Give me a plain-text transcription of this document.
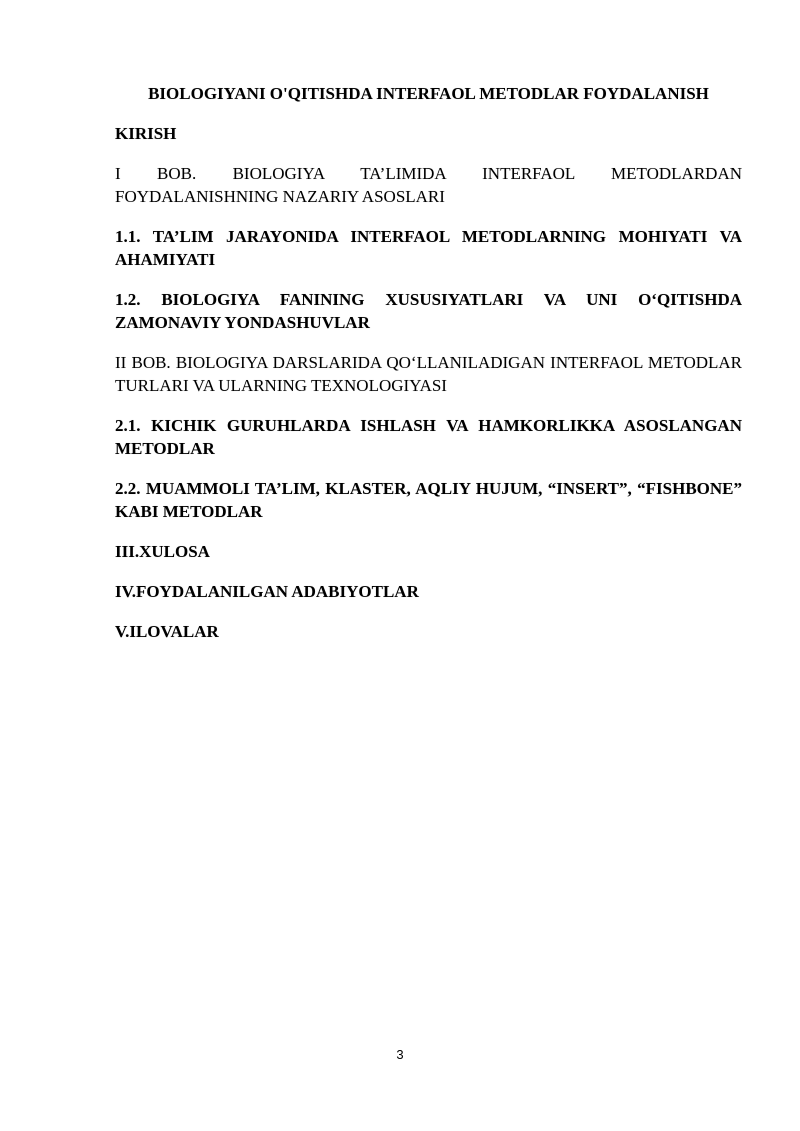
BIOLOGIYANI O'QITISHDA INTERFAOL METODLAR FOYDALANISH

KIRISH

I BOB. BIOLOGIYA TA’LIMIDA INTERFAOL METODLARDAN FOYDALANISHNING NAZARIY ASOSLARI

1.1. TA’LIM JARAYONIDA INTERFAOL METODLARNING MOHIYATI VA AHAMIYATI

1.2. BIOLOGIYA FANINING XUSUSIYATLARI VA UNI O‘QITISHDA ZAMONAVIY YONDASHUVLAR

II BOB. BIOLOGIYA DARSLARIDA QO‘LLANILADIGAN INTERFAOL METODLAR TURLARI VA ULARNING TEXNOLOGIYASI

2.1. KICHIK GURUHLARDA ISHLASH VA HAMKORLIKKA ASOSLANGAN METODLAR

2.2. MUAMMOLI TA’LIM, KLASTER, AQLIY HUJUM, “INSERT”, “FISHBONE” KABI METODLAR

III.XULOSA

IV.FOYDALANILGAN ADABIYOTLAR

V.ILOVALAR

3
